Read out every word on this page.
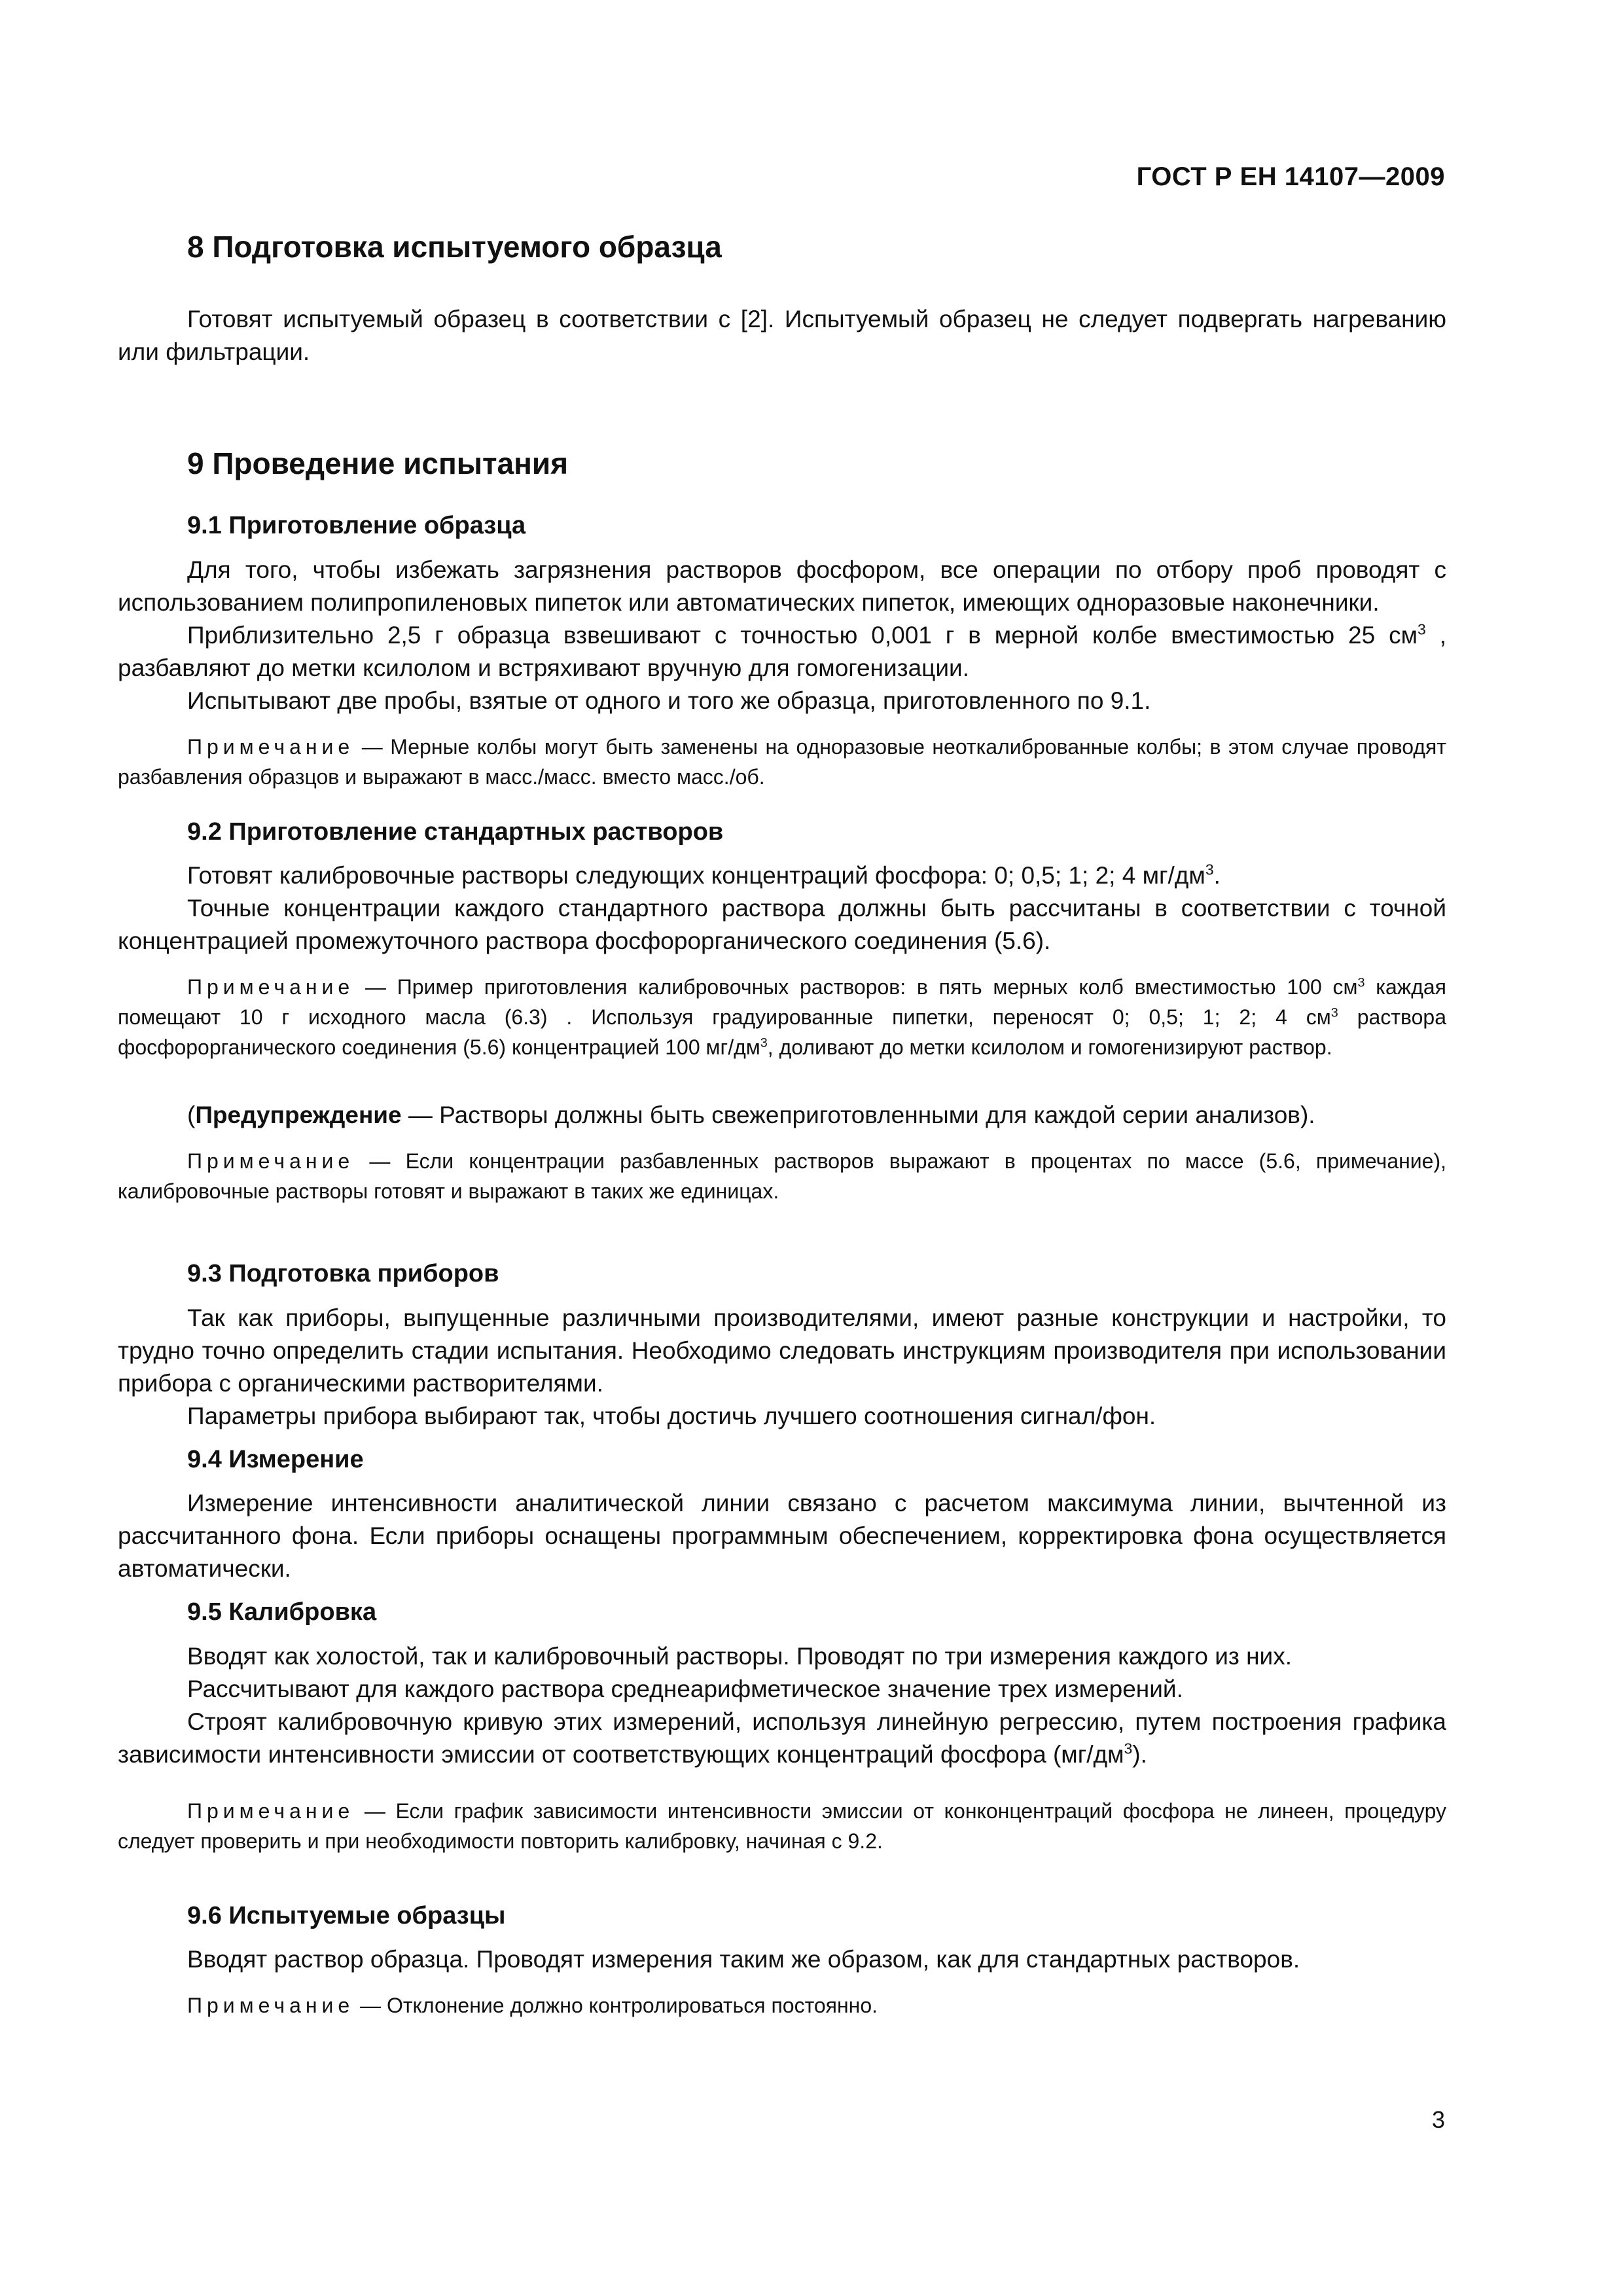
ГОСТ Р ЕН 14107—2009
8 Подготовка испытуемого образца

Готовят испытуемый образец в соответствии с [2]. Испытуемый образец не следует подвергать нагреванию или фильтрации.

9 Проведение испытания
9.1 Приготовление образца

Для того, чтобы избежать загрязнения растворов фосфором, все операции по отбору проб проводят с использованием полипропиленовых пипеток или автоматических пипеток, имеющих одноразовые наконечники.

Приблизительно 2,5 г образца взвешивают с точностью 0,001 г в мерной колбе вместимостью 25 $см^3$ , разбавляют до метки ксилолом и встряхивают вручную для гомогенизации.

Испытывают две пробы, взятые от одного и того же образца, приготовленного по 9.1.

Примечание — Мерные колбы могут быть заменены на одноразовые неоткалиброванные колбы; в этом случае проводят разбавления образцов и выражают в масс./масс. вместо масс./об.

9.2 Приготовление стандартных растворов

Готовят калибровочные растворы следующих концентраций фосфора: 0; 0,5; 1; 2; 4 $мг/дм^3$.

Точные концентрации каждого стандартного раствора должны быть рассчитаны в соответствии с точной концентрацией промежуточного раствора фосфорорганического соединения (5.6).

Примечание — Пример приготовления калибровочных растворов: в пять мерных колб вместимостью 100 $см^3$ каждая помещают 10 г исходного масла (6.3) . Используя градуированные пипетки, переносят 0; 0,5; 1; 2; 4 $см^3$ раствора фосфорорганического соединения (5.6) концентрацией 100 $мг/дм^3$, доливают до метки ксилолом и гомогенизируют раствор.

(Предупреждение — Растворы должны быть свежеприготовленными для каждой серии анализов).

Примечание — Если концентрации разбавленных растворов выражают в процентах по массе (5.6, примечание), калибровочные растворы готовят и выражают в таких же единицах.

9.3 Подготовка приборов

Так как приборы, выпущенные различными производителями, имеют разные конструкции и настройки, то трудно точно определить стадии испытания. Необходимо следовать инструкциям производителя при использовании прибора с органическими растворителями.

Параметры прибора выбирают так, чтобы достичь лучшего соотношения сигнал/фон.

9.4 Измерение

Измерение интенсивности аналитической линии связано с расчетом максимума линии, вычтенной из рассчитанного фона. Если приборы оснащены программным обеспечением, корректировка фона осуществляется автоматически.

9.5 Калибровка

Вводят как холостой, так и калибровочный растворы. Проводят по три измерения каждого из них.

Рассчитывают для каждого раствора среднеарифметическое значение трех измерений.

Строят калибровочную кривую этих измерений, используя линейную регрессию, путем построения графика зависимости интенсивности эмиссии от соответствующих концентраций фосфора $(мг/дм^3)$.

Примечание — Если график зависимости интенсивности эмиссии от конконцентраций фосфора не линеен, процедуру следует проверить и при необходимости повторить калибровку, начиная с 9.2.

9.6 Испытуемые образцы

Вводят раствор образца. Проводят измерения таким же образом, как для стандартных растворов.

Примечание — Отклонение должно контролироваться постоянно.

3
